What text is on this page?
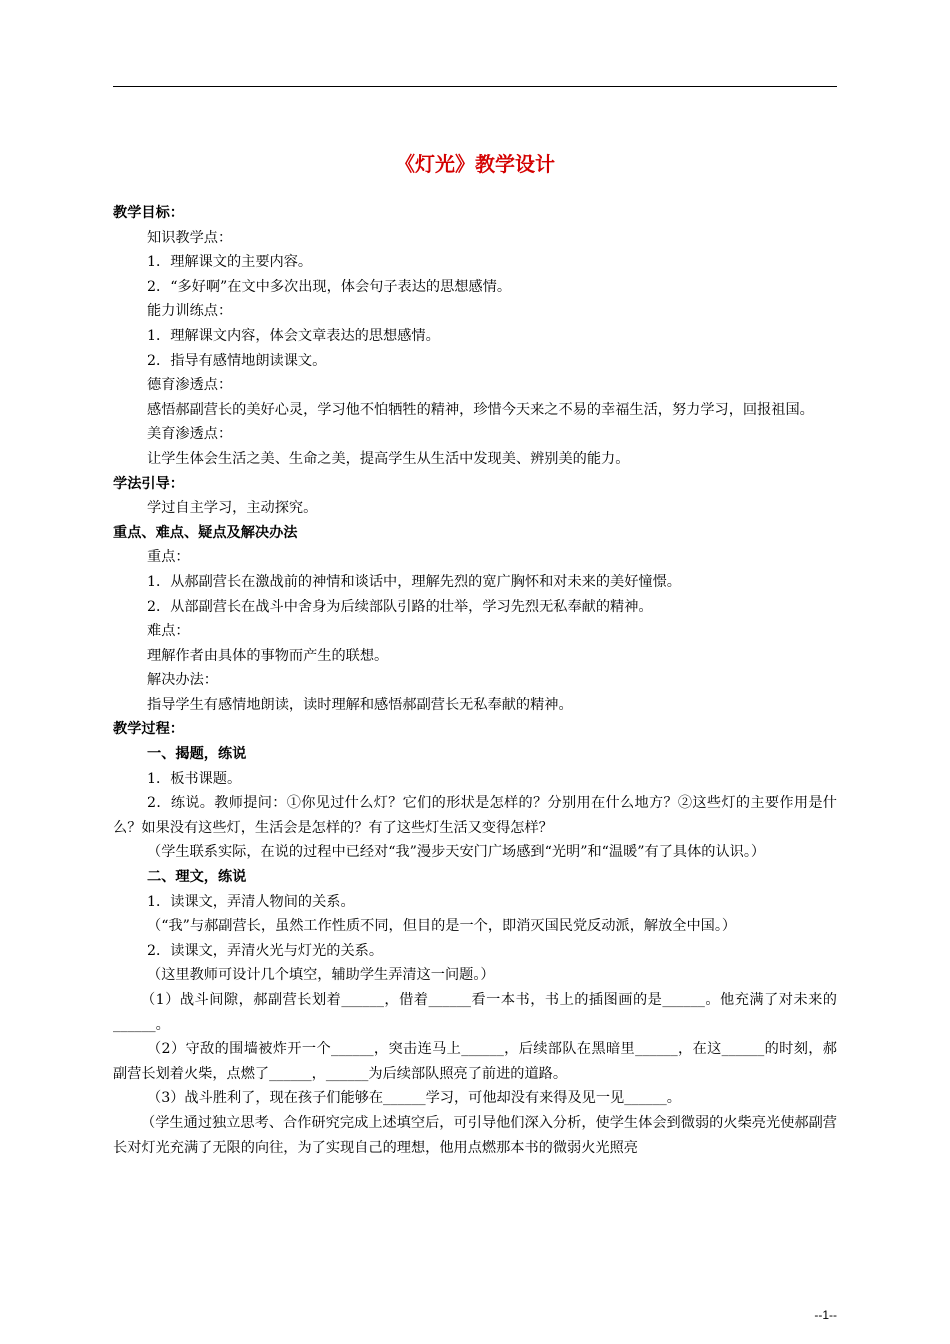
《灯光》教学设计

教学目标：

知识教学点：

1．理解课文的主要内容。

2．“多好啊”在文中多次出现，体会句子表达的思想感情。

能力训练点：

1．理解课文内容，体会文章表达的思想感情。

2．指导有感情地朗读课文。

德育渗透点：

感悟郝副营长的美好心灵，学习他不怕牺牲的精神，珍惜今天来之不易的幸福生活，努力学习，回报祖国。

美育渗透点：

让学生体会生活之美、生命之美，提高学生从生活中发现美、辨别美的能力。

学法引导：

学过自主学习，主动探究。

重点、难点、疑点及解决办法

重点：

1．从郝副营长在激战前的神情和谈话中，理解先烈的宽广胸怀和对未来的美好憧憬。

2．从部副营长在战斗中舍身为后续部队引路的壮举，学习先烈无私奉献的精神。

难点：

理解作者由具体的事物而产生的联想。

解决办法：

指导学生有感情地朗读，读时理解和感悟郝副营长无私奉献的精神。

教学过程：

一、揭题，练说

1．板书课题。

2．练说。教师提问：①你见过什么灯？它们的形状是怎样的？分别用在什么地方？②这些灯的主要作用是什么？如果没有这些灯，生活会是怎样的？有了这些灯生活又变得怎样？

（学生联系实际，在说的过程中已经对“我”漫步天安门广场感到“光明”和“温暖”有了具体的认识。）

二、理文，练说

1．读课文，弄清人物间的关系。

（“我”与郝副营长，虽然工作性质不同，但目的是一个，即消灭国民党反动派，解放全中国。）

2．读课文，弄清火光与灯光的关系。

（这里教师可设计几个填空，辅助学生弄清这一问题。）

（1）战斗间隙，郝副营长划着______，借着______看一本书，书上的插图画的是______。他充满了对未来的______。

（2）守敌的围墙被炸开一个______，突击连马上______，后续部队在黑暗里______，在这______的时刻，郝副营长划着火柴，点燃了______，______为后续部队照亮了前进的道路。

（3）战斗胜利了，现在孩子们能够在______学习，可他却没有来得及见一见______。

（学生通过独立思考、合作研究完成上述填空后，可引导他们深入分析，使学生体会到微弱的火柴亮光使郝副营长对灯光充满了无限的向往，为了实现自己的理想，他用点燃那本书的微弱火光照亮

--1--
